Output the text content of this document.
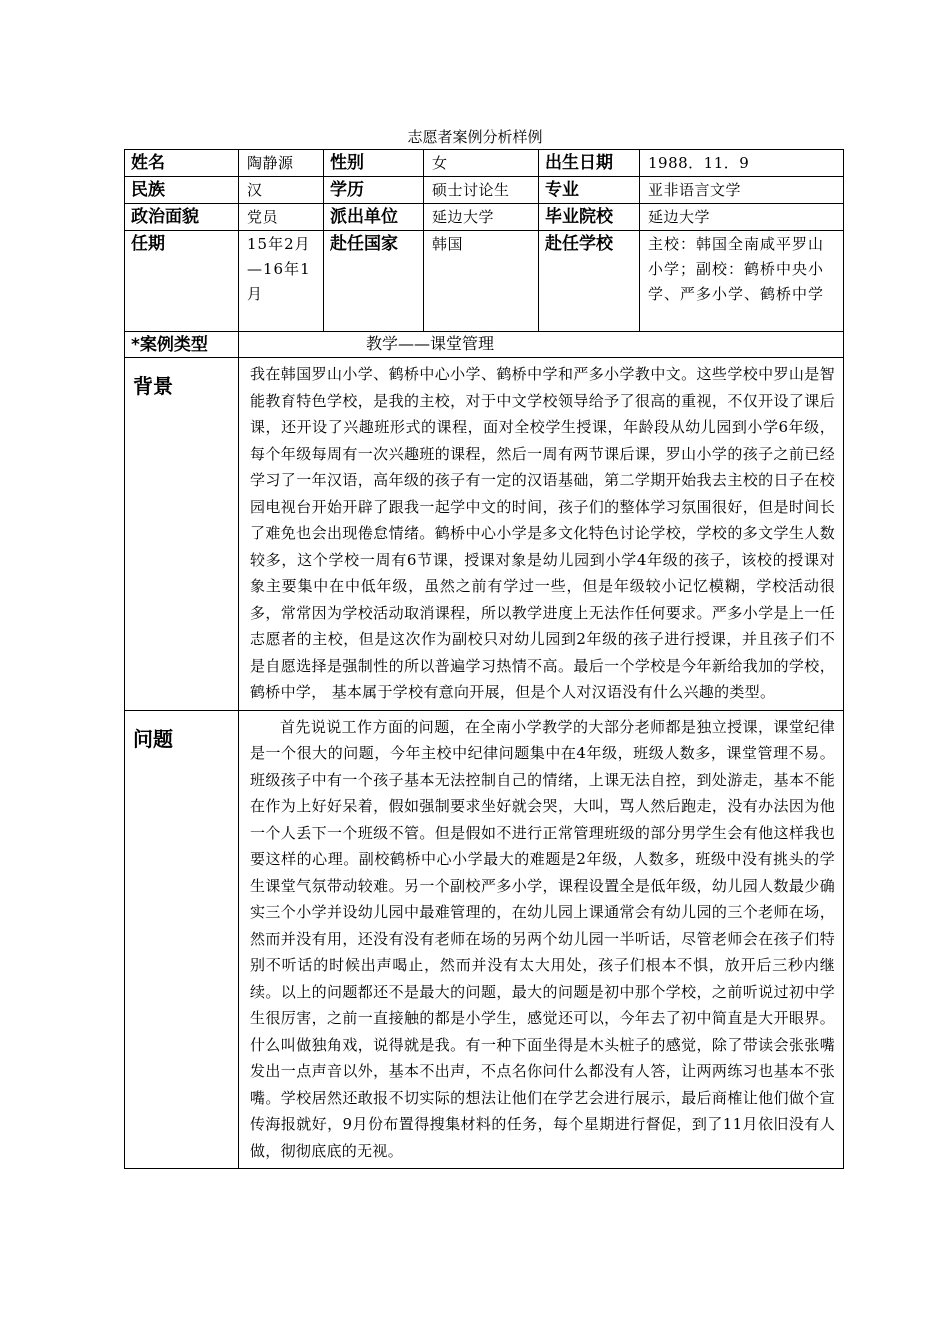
志愿者案例分析样例
姓名	陶静源	性别	女	出生日期	1988．11．9
民族	汉	学历	硕士讨论生	专业	亚非语言文学
政治面貌	党员	派出单位	延边大学	毕业院校	延边大学
任期	15年2月—16年1月	赴任国家	韩国	赴任学校	主校：韩国全南咸平罗山小学；副校：鹤桥中央小学、严多小学、鹤桥中学
*案例类型	教学——课堂管理				
背景	我在韩国罗山小学、鹤桥中心小学、鹤桥中学和严多小学教中文。这些学校中罗山是智能教育特色学校，是我的主校，对于中文学校领导给予了很高的重视，不仅开设了课后课，还开设了兴趣班形式的课程，面对全校学生授课，年龄段从幼儿园到小学6年级，每个年级每周有一次兴趣班的课程，然后一周有两节课后课，罗山小学的孩子之前已经学习了一年汉语，高年级的孩子有一定的汉语基础，第二学期开始我去主校的日子在校园电视台开始开辟了跟我一起学中文的时间，孩子们的整体学习氛围很好，但是时间长了难免也会出现倦怠情绪。鹤桥中心小学是多文化特色讨论学校，学校的多文学生人数较多，这个学校一周有6节课，授课对象是幼儿园到小学4年级的孩子，该校的授课对象主要集中在中低年级，虽然之前有学过一些，但是年级较小记忆模糊，学校活动很多，常常因为学校活动取消课程，所以教学进度上无法作任何要求。严多小学是上一任志愿者的主校，但是这次作为副校只对幼儿园到2年级的孩子进行授课，并且孩子们不是自愿选择是强制性的所以普遍学习热情不高。最后一个学校是今年新给我加的学校，鹤桥中学， 基本属于学校有意向开展，但是个人对汉语没有什么兴趣的类型。				
问题	首先说说工作方面的问题，在全南小学教学的大部分老师都是独立授课，课堂纪律是一个很大的问题，今年主校中纪律问题集中在4年级，班级人数多，课堂管理不易。班级孩子中有一个孩子基本无法控制自己的情绪，上课无法自控，到处游走，基本不能在作为上好好呆着，假如强制要求坐好就会哭，大叫，骂人然后跑走，没有办法因为他一个人丢下一个班级不管。但是假如不进行正常管理班级的部分男学生会有他这样我也要这样的心理。副校鹤桥中心小学最大的难题是2年级，人数多，班级中没有挑头的学生课堂气氛带动较难。另一个副校严多小学，课程设置全是低年级，幼儿园人数最少确实三个小学并设幼儿园中最难管理的，在幼儿园上课通常会有幼儿园的三个老师在场，然而并没有用，还没有没有老师在场的另两个幼儿园一半听话，尽管老师会在孩子们特别不听话的时候出声喝止，然而并没有太大用处，孩子们根本不惧，放开后三秒内继续。以上的问题都还不是最大的问题，最大的问题是初中那个学校，之前听说过初中学生很厉害，之前一直接触的都是小学生，感觉还可以，今年去了初中简直是大开眼界。什么叫做独角戏，说得就是我。有一种下面坐得是木头桩子的感觉，除了带读会张张嘴发出一点声音以外，基本不出声，不点名你问什么都没有人答，让两两练习也基本不张嘴。学校居然还敢报不切实际的想法让他们在学艺会进行展示，最后商榷让他们做个宣传海报就好，9月份布置得搜集材料的任务，每个星期进行督促，到了11月依旧没有人做，彻彻底底的无视。				
